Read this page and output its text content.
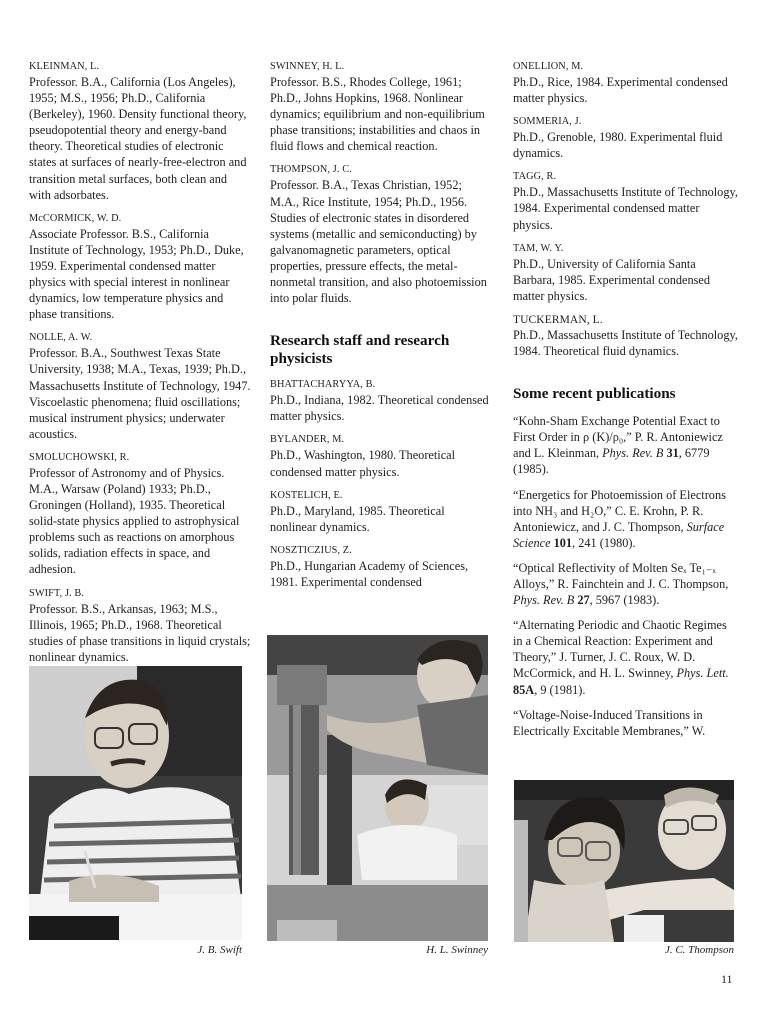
KLEINMAN, L.
Professor. B.A., California (Los Angeles), 1955; M.S., 1956; Ph.D., California (Berkeley), 1960. Density functional theory, pseudopotential theory and energy-band theory. Theoretical studies of electronic states at surfaces of nearly-free-electron and transition metal surfaces, both clean and with adsorbates.
McCORMICK, W. D.
Associate Professor. B.S., California Institute of Technology, 1953; Ph.D., Duke, 1959. Experimental condensed matter physics with special interest in nonlinear dynamics, low temperature physics and phase transitions.
NOLLE, A. W.
Professor. B.A., Southwest Texas State University, 1938; M.A., Texas, 1939; Ph.D., Massachusetts Institute of Technology, 1947. Viscoelastic phenomena; fluid oscillations; musical instrument physics; underwater acoustics.
SMOLUCHOWSKI, R.
Professor of Astronomy and of Physics. M.A., Warsaw (Poland) 1933; Ph.D., Groningen (Holland), 1935. Theoretical solid-state physics applied to astrophysical problems such as reactions on amorphous solids, radiation effects in space, and adhesion.
SWIFT, J. B.
Professor. B.S., Arkansas, 1963; M.S., Illinois, 1965; Ph.D., 1968. Theoretical studies of phase transitions in liquid crystals; nonlinear dynamics.
SWINNEY, H. L.
Professor. B.S., Rhodes College, 1961; Ph.D., Johns Hopkins, 1968. Nonlinear dynamics; equilibrium and non-equilibrium phase transitions; instabilities and chaos in fluid flows and chemical reaction.
THOMPSON, J. C.
Professor. B.A., Texas Christian, 1952; M.A., Rice Institute, 1954; Ph.D., 1956. Studies of electronic states in disordered systems (metallic and semiconducting) by galvanomagnetic parameters, optical properties, pressure effects, the metal-nonmetal transition, and also photoemission into polar fluids.
Research staff and research physicists
BHATTACHARYYA, B.
Ph.D., Indiana, 1982. Theoretical condensed matter physics.
BYLANDER, M.
Ph.D., Washington, 1980. Theoretical condensed matter physics.
KOSTELICH, E.
Ph.D., Maryland, 1985. Theoretical nonlinear dynamics.
NOSZTICZIUS, Z.
Ph.D., Hungarian Academy of Sciences, 1981. Experimental condensed
ONELLION, M.
Ph.D., Rice, 1984. Experimental condensed matter physics.
SOMMERIA, J.
Ph.D., Grenoble, 1980. Experimental fluid dynamics.
TAGG, R.
Ph.D., Massachusetts Institute of Technology, 1984. Experimental condensed matter physics.
TAM, W. Y.
Ph.D., University of California Santa Barbara, 1985. Experimental condensed matter physics.
TUCKERMAN, L.
Ph.D., Massachusetts Institute of Technology, 1984. Theoretical fluid dynamics.
Some recent publications
“Kohn-Sham Exchange Potential Exact to First Order in ρ (K)/ρ₀,” P. R. Antoniewicz and L. Kleinman, Phys. Rev. B 31, 6779 (1985).
“Energetics for Photoemission of Electrons into NH₃ and H₂O,” C. E. Krohn, P. R. Antoniewicz, and J. C. Thompson, Surface Science 101, 241 (1980).
“Optical Reflectivity of Molten Seₓ Te₁₋ₓ Alloys,” R. Fainchtein and J. C. Thompson, Phys. Rev. B 27, 5967 (1983).
“Alternating Periodic and Chaotic Regimes in a Chemical Reaction: Experiment and Theory,” J. Turner, J. C. Roux, W. D. McCormick, and H. L. Swinney, Phys. Lett. 85A, 9 (1981).
“Voltage-Noise-Induced Transitions in Electrically Excitable Membranes,” W.
J. B. Swift	H. L. Swinney	J. C. Thompson
11
